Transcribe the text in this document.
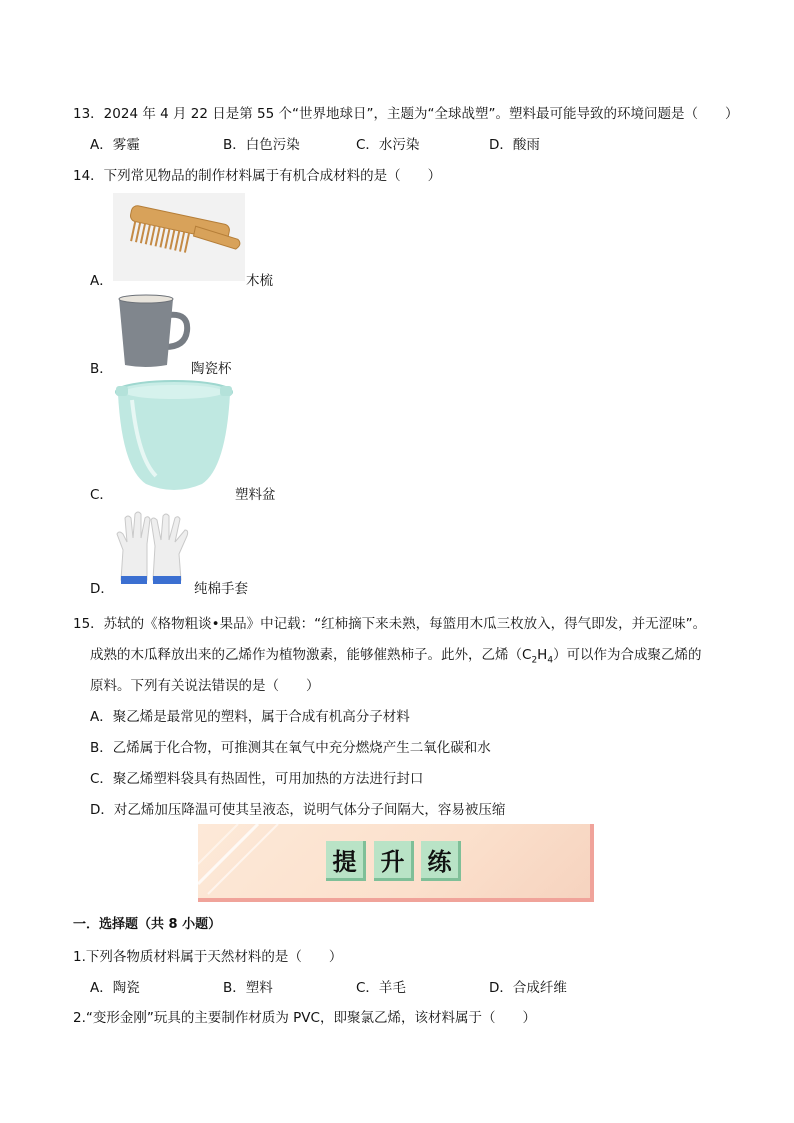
13．2024 年 4 月 22 日是第 55 个“世界地球日”，主题为“全球战塑”。塑料最可能导致的环境问题是（　　）
A．雾霾	B．白色污染	C．水污染	D．酸雨
14．下列常见物品的制作材料属于有机合成材料的是（　　）
A．	木梳
B．	陶瓷杯
C．	塑料盆
D．	纯棉手套
15．苏轼的《格物粗谈•果品》中记载：“红柿摘下来未熟，每篮用木瓜三枚放入，得气即发，并无涩味”。
成熟的木瓜释放出来的乙烯作为植物激素，能够催熟柿子。此外，乙烯$(C_2H_4)$可以作为合成聚乙烯的
原料。下列有关说法错误的是（　　）
A．聚乙烯是最常见的塑料，属于合成有机高分子材料
B．乙烯属于化合物，可推测其在氧气中充分燃烧产生二氧化碳和水
C．聚乙烯塑料袋具有热固性，可用加热的方法进行封口
D．对乙烯加压降温可使其呈液态，说明气体分子间隔大，容易被压缩
提	升 练
一．选择题（共 8 小题）
1.下列各物质材料属于天然材料的是（　　）
A．陶瓷	B．塑料	C．羊毛	D．合成纤维
2.“变形金刚”玩具的主要制作材质为 PVC，即聚氯乙烯，该材料属于（　　）
